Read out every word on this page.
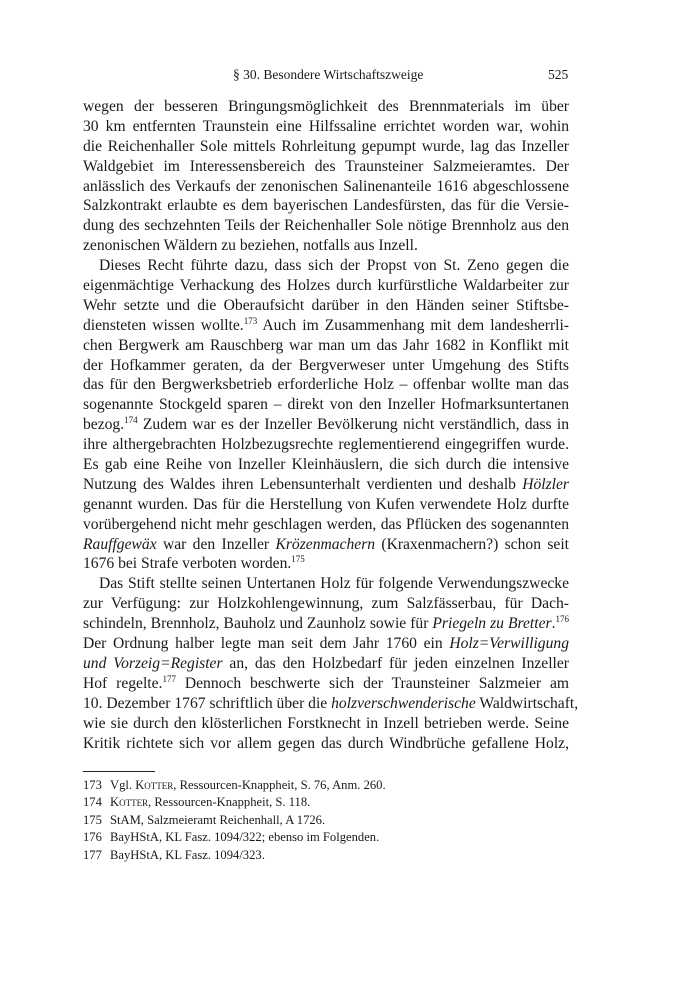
§ 30. Besondere Wirtschaftszweige	525
wegen der besseren Bringungsmöglichkeit des Brennmaterials im über
30 km entfernten Traunstein eine Hilfssaline errichtet worden war, wohin
die Reichenhaller Sole mittels Rohrleitung gepumpt wurde, lag das Inzeller
Waldgebiet im Interessensbereich des Traunsteiner Salzmeieramtes. Der
anlässlich des Verkaufs der zenonischen Salinenanteile 1616 abgeschlossene
Salzkontrakt erlaubte es dem bayerischen Landesfürsten, das für die Versie-
dung des sechzehnten Teils der Reichenhaller Sole nötige Brennholz aus den
zenonischen Wäldern zu beziehen, notfalls aus Inzell.
Dieses Recht führte dazu, dass sich der Propst von St. Zeno gegen die
eigenmächtige Verhackung des Holzes durch kurfürstliche Waldarbeiter zur
Wehr setzte und die Oberaufsicht darüber in den Händen seiner Stiftsbe-
diensteten wissen wollte.$^{173}$ Auch im Zusammenhang mit dem landesherrli-
chen Bergwerk am Rauschberg war man um das Jahr 1682 in Konflikt mit
der Hofkammer geraten, da der Bergverweser unter Umgehung des Stifts
das für den Bergwerksbetrieb erforderliche Holz – offenbar wollte man das
sogenannte Stockgeld sparen – direkt von den Inzeller Hofmarksuntertanen
bezog.$^{174}$ Zudem war es der Inzeller Bevölkerung nicht verständlich, dass in
ihre althergebrachten Holzbezugsrechte reglementierend eingegriffen wurde.
Es gab eine Reihe von Inzeller Kleinhäuslern, die sich durch die intensive
Nutzung des Waldes ihren Lebensunterhalt verdienten und deshalb Hölzler
genannt wurden. Das für die Herstellung von Kufen verwendete Holz durfte
vorübergehend nicht mehr geschlagen werden, das Pflücken des sogenannten
Rauffgewäx war den Inzeller Krözenmachern (Kraxenmachern?) schon seit
1676 bei Strafe verboten worden.$^{175}$
Das Stift stellte seinen Untertanen Holz für folgende Verwendungszwecke
zur Verfügung: zur Holzkohlengewinnung, zum Salzfässerbau, für Dach-
schindeln, Brennholz, Bauholz und Zaunholz sowie für Priegeln zu Bretter.$^{176}$
Der Ordnung halber legte man seit dem Jahr 1760 ein Holz=Verwilligung
und Vorzeig=Register an, das den Holzbedarf für jeden einzelnen Inzeller
Hof regelte.$^{177}$ Dennoch beschwerte sich der Traunsteiner Salzmeier am
10. Dezember 1767 schriftlich über die holzverschwenderische Waldwirtschaft,
wie sie durch den klösterlichen Forstknecht in Inzell betrieben werde. Seine
Kritik richtete sich vor allem gegen das durch Windbrüche gefallene Holz,
173 Vgl. Kotter, Ressourcen-Knappheit, S. 76, Anm. 260.
174 Kotter, Ressourcen-Knappheit, S. 118.
175 StAM, Salzmeieramt Reichenhall, A 1726.
176 BayHStA, KL Fasz. 1094/322; ebenso im Folgenden.
177 BayHStA, KL Fasz. 1094/323.
